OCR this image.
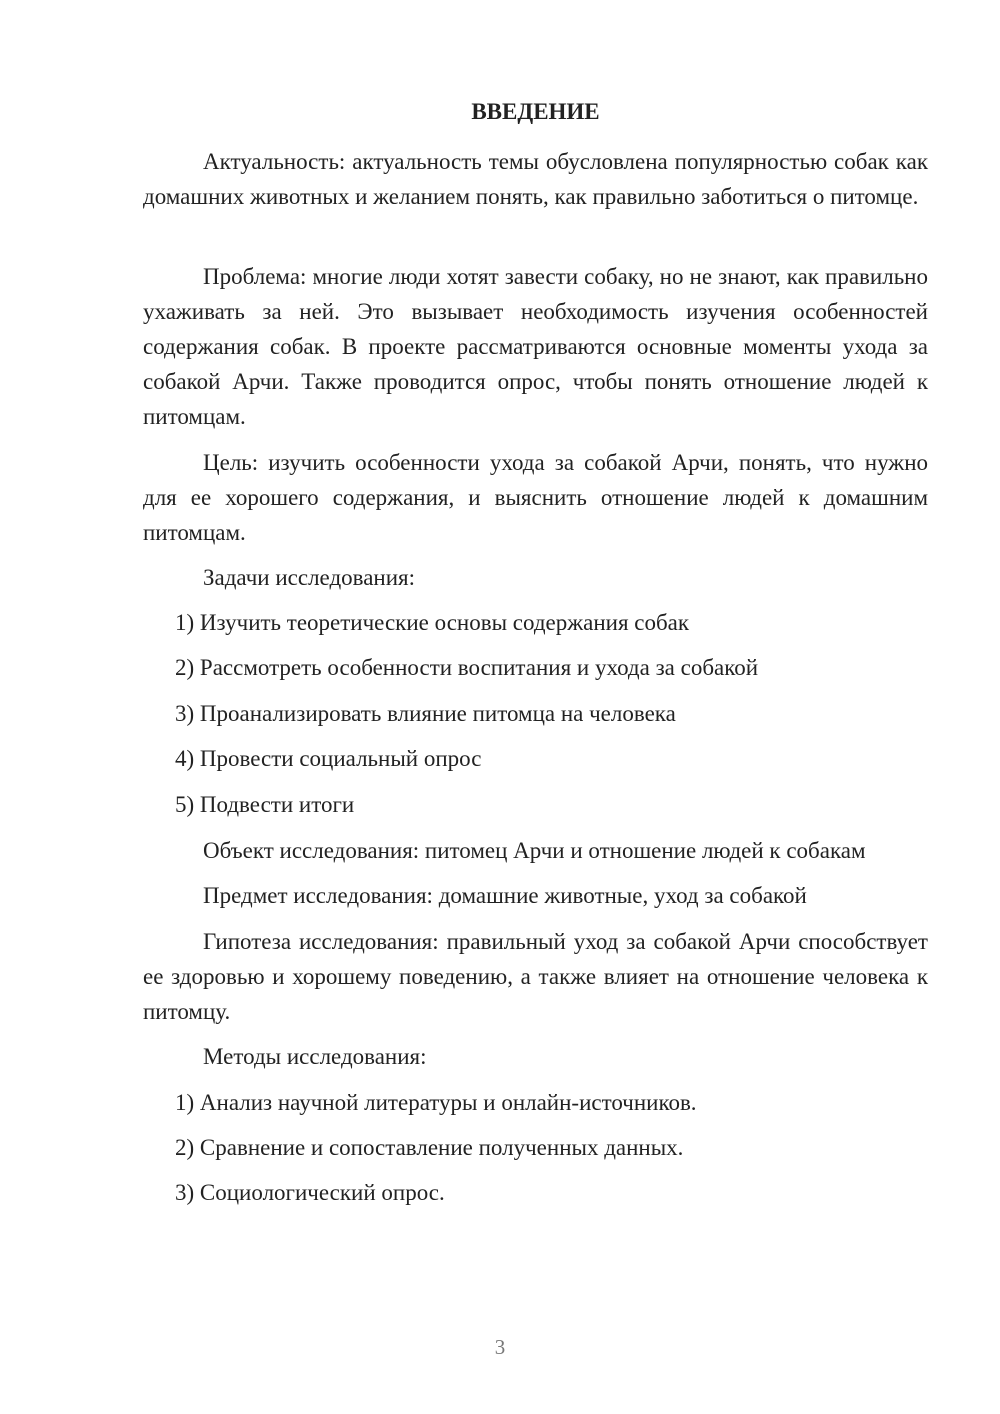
ВВЕДЕНИЕ

Актуальность: актуальность темы обусловлена популярностью собак как домашних животных и желанием понять, как правильно заботиться о питомце.

Проблема: многие люди хотят завести собаку, но не знают, как правильно ухаживать за ней. Это вызывает необходимость изучения особенностей содержания собак. В проекте рассматриваются основные моменты ухода за собакой Арчи. Также проводится опрос, чтобы понять отношение людей к питомцам.

Цель: изучить особенности ухода за собакой Арчи, понять, что нужно для ее хорошего содержания, и выяснить отношение людей к домашним питомцам.

Задачи исследования:

1) Изучить теоретические основы содержания собак

2) Рассмотреть особенности воспитания и ухода за собакой

3) Проанализировать влияние питомца на человека

4) Провести социальный опрос

5) Подвести итоги

Объект исследования: питомец Арчи и отношение людей к собакам

Предмет исследования: домашние животные, уход за собакой

Гипотеза исследования: правильный уход за собакой Арчи способствует ее здоровью и хорошему поведению, а также влияет на отношение человека к питомцу.

Методы исследования:

1) Анализ научной литературы и онлайн-источников.

2) Сравнение и сопоставление полученных данных.

3) Социологический опрос.

3
